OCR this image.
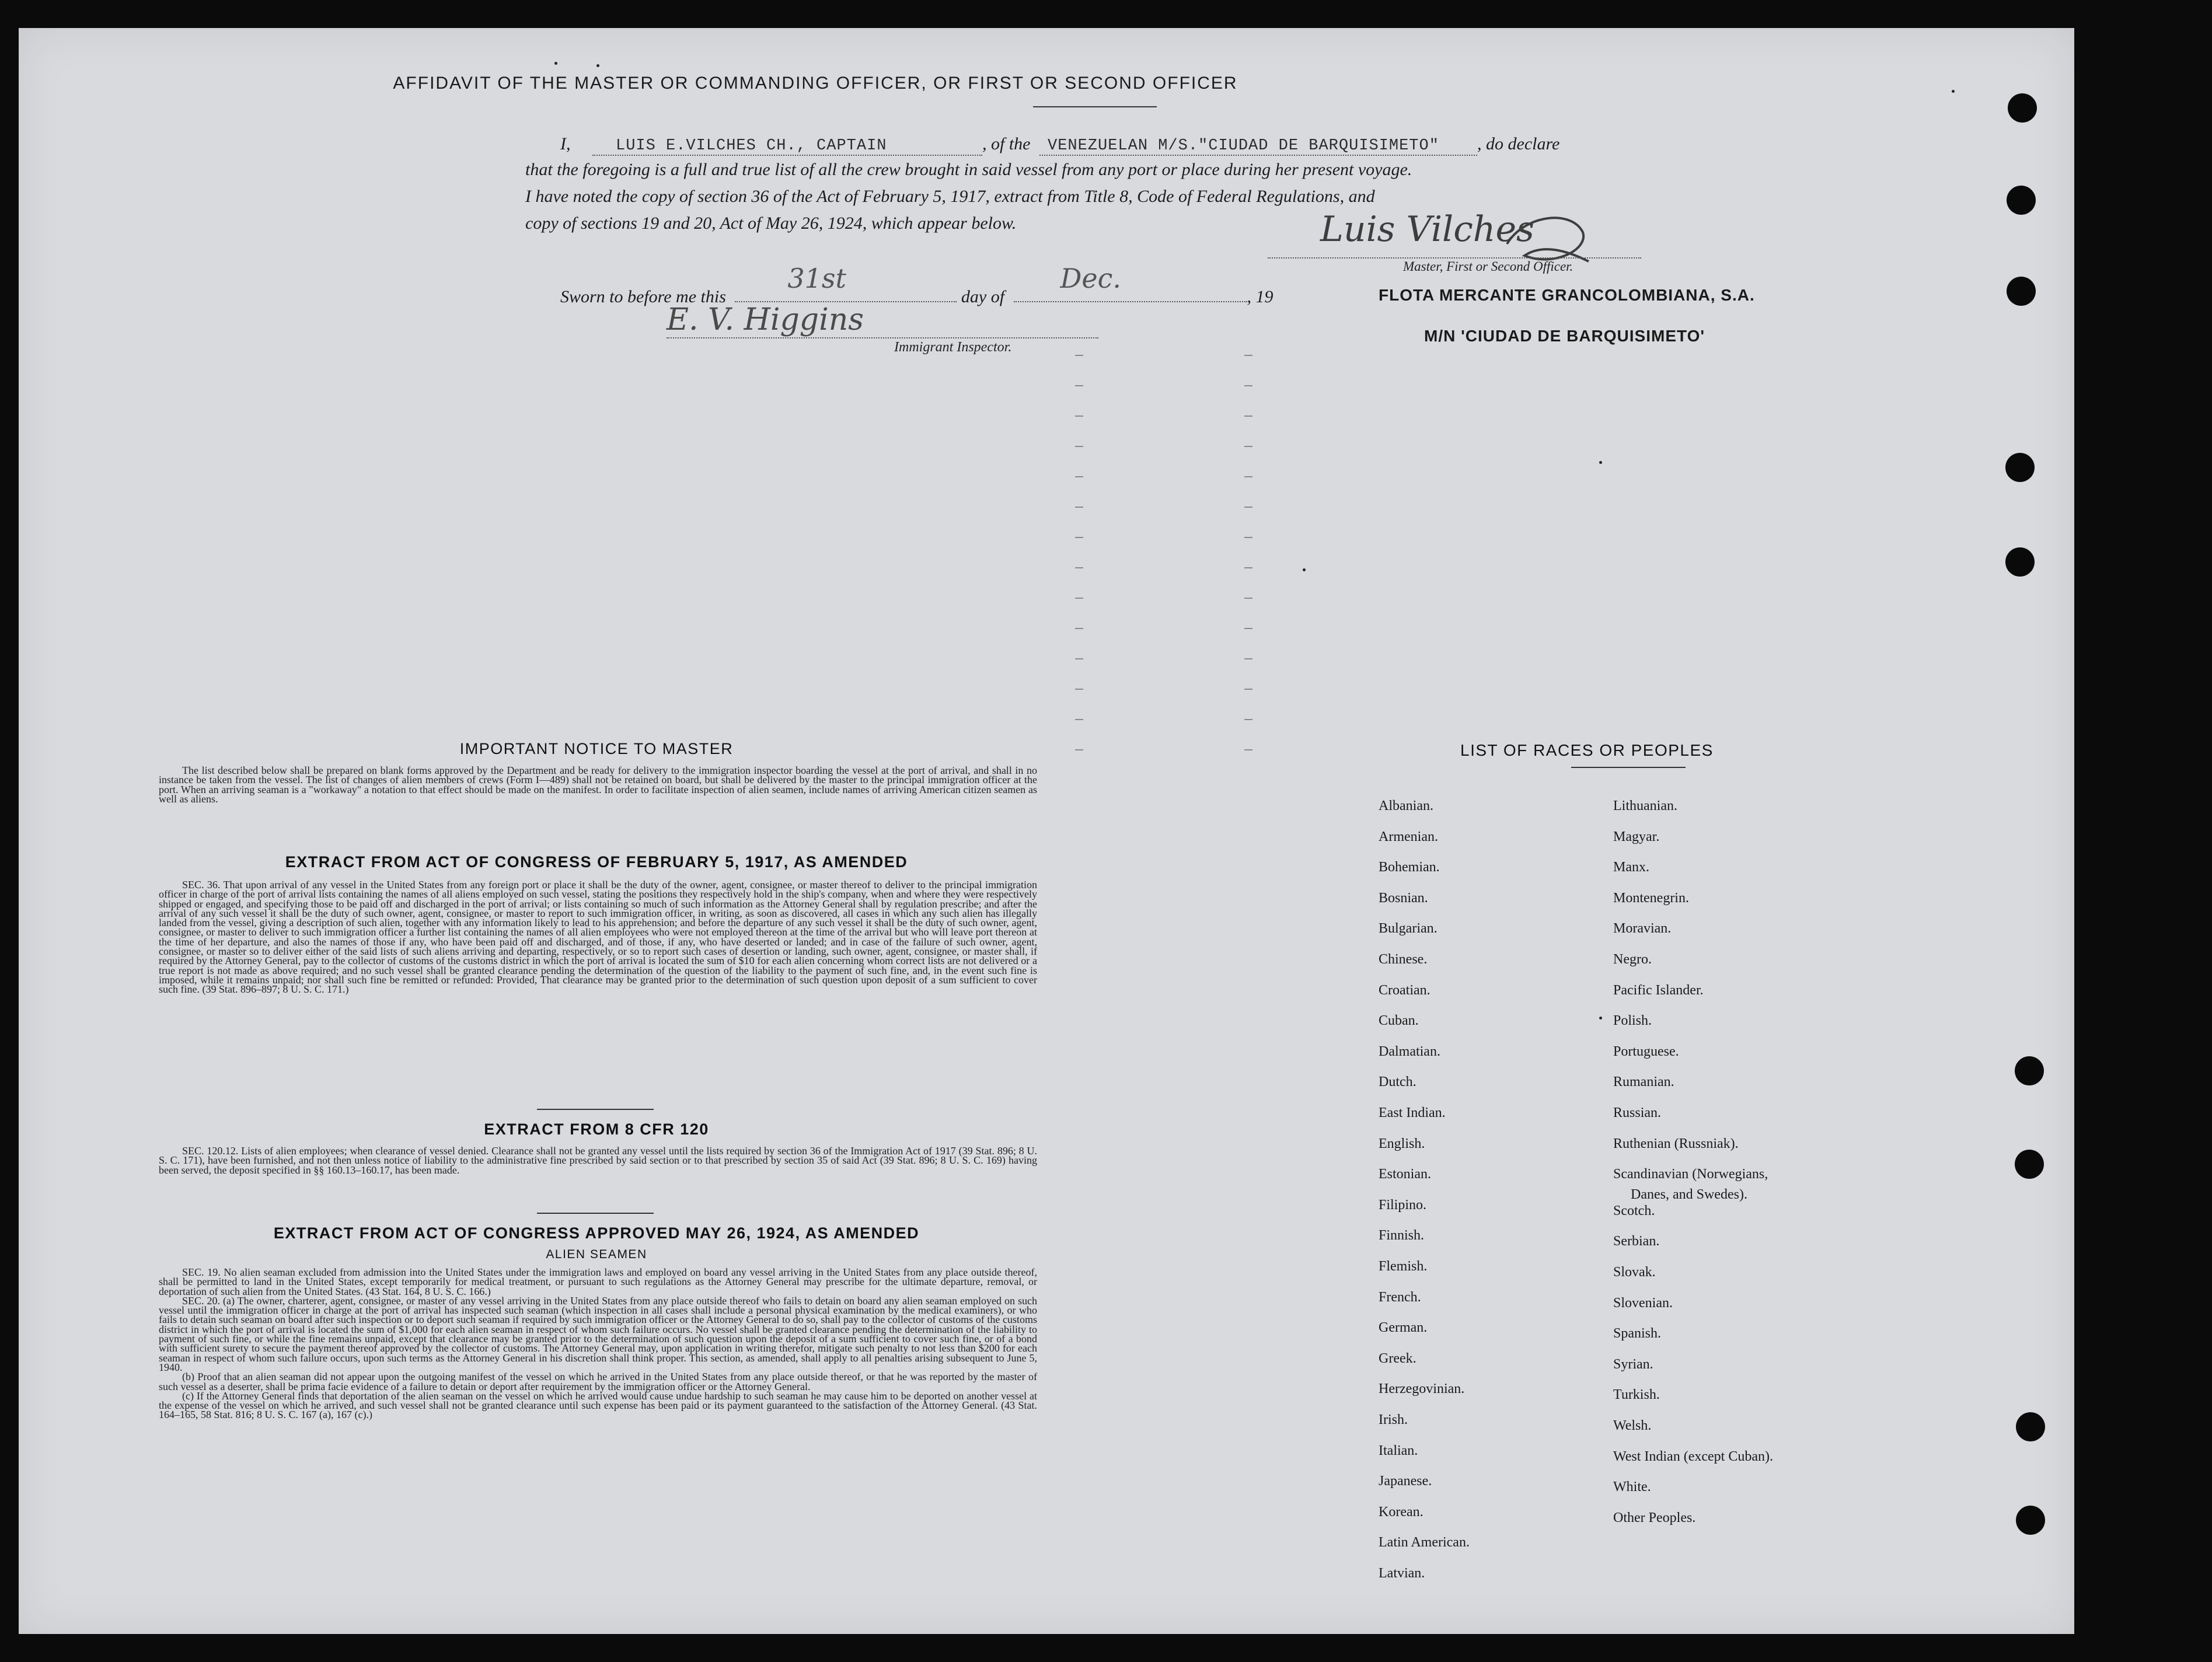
AFFIDAVIT OF THE MASTER OR COMMANDING OFFICER, OR FIRST OR SECOND OFFICER
I,	LUIS E.VILCHES CH., CAPTAIN	, of the VENEZUELAN M/S."CIUDAD DE BARQUISIMETO" , do declare
that the foregoing is a full and true list of all the crew brought in said vessel from any port or place during her present voyage.
I have noted the copy of section 36 of the Act of February 5, 1917, extract from Title 8, Code of Federal Regulations, and
copy of sections 19 and 20, Act of May 26, 1924, which appear below.	Luis Vilches
Master, First or Second Officer.
Sworn to before me this
31st
day of
Dec.
, 19	FLOTA MERCANTE GRANCOLOMBIANA, S.A.
M/N 'CIUDAD DE BARQUISIMETO'
E. V. Higgins
Immigrant Inspector.
IMPORTANT NOTICE TO MASTER

The list described below shall be prepared on blank forms approved by the Department and be ready for delivery to the immigration inspector boarding the vessel at the port of arrival, and shall in no instance be taken from the vessel. The list of changes of alien members of crews (Form I—489) shall not be retained on board, but shall be delivered by the master to the principal immigration officer at the port. When an arriving seaman is a "workaway" a notation to that effect should be made on the manifest. In order to facilitate inspection of alien seamen, include names of arriving American citizen seamen as well as aliens.

EXTRACT FROM ACT OF CONGRESS OF FEBRUARY 5, 1917, AS AMENDED

SEC. 36. That upon arrival of any vessel in the United States from any foreign port or place it shall be the duty of the owner, agent, consignee, or master thereof to deliver to the principal immigration officer in charge of the port of arrival lists containing the names of all aliens employed on such vessel, stating the positions they respectively hold in the ship's company, when and where they were respectively shipped or engaged, and specifying those to be paid off and discharged in the port of arrival; or lists containing so much of such information as the Attorney General shall by regulation prescribe; and after the arrival of any such vessel it shall be the duty of such owner, agent, consignee, or master to report to such immigration officer, in writing, as soon as discovered, all cases in which any such alien has illegally landed from the vessel, giving a description of such alien, together with any information likely to lead to his apprehension; and before the departure of any such vessel it shall be the duty of such owner, agent, consignee, or master to deliver to such immigration officer a further list containing the names of all alien employees who were not employed thereon at the time of the arrival but who will leave port thereon at the time of her departure, and also the names of those if any, who have been paid off and discharged, and of those, if any, who have deserted or landed; and in case of the failure of such owner, agent, consignee, or master so to deliver either of the said lists of such aliens arriving and departing, respectively, or so to report such cases of desertion or landing, such owner, agent, consignee, or master shall, if required by the Attorney General, pay to the collector of customs of the customs district in which the port of arrival is located the sum of $10 for each alien concerning whom correct lists are not delivered or a true report is not made as above required; and no such vessel shall be granted clearance pending the determination of the question of the liability to the payment of such fine, and, in the event such fine is imposed, while it remains unpaid; nor shall such fine be remitted or refunded: Provided, That clearance may be granted prior to the determination of such question upon deposit of a sum sufficient to cover such fine. (39 Stat. 896–897; 8 U. S. C. 171.)

EXTRACT FROM 8 CFR 120

SEC. 120.12. Lists of alien employees; when clearance of vessel denied. Clearance shall not be granted any vessel until the lists required by section 36 of the Immigration Act of 1917 (39 Stat. 896; 8 U. S. C. 171), have been furnished, and not then unless notice of liability to the administrative fine prescribed by said section or to that prescribed by section 35 of said Act (39 Stat. 896; 8 U. S. C. 169) having been served, the deposit specified in §§ 160.13–160.17, has been made.

EXTRACT FROM ACT OF CONGRESS APPROVED MAY 26, 1924, AS AMENDED
ALIEN SEAMEN

SEC. 19. No alien seaman excluded from admission into the United States under the immigration laws and employed on board any vessel arriving in the United States from any place outside thereof, shall be permitted to land in the United States, except temporarily for medical treatment, or pursuant to such regulations as the Attorney General may prescribe for the ultimate departure, removal, or deportation of such alien from the United States. (43 Stat. 164, 8 U. S. C. 166.)

SEC. 20. (a) The owner, charterer, agent, consignee, or master of any vessel arriving in the United States from any place outside thereof who fails to detain on board any alien seaman employed on such vessel until the immigration officer in charge at the port of arrival has inspected such seaman (which inspection in all cases shall include a personal physical examination by the medical examiners), or who fails to detain such seaman on board after such inspection or to deport such seaman if required by such immigration officer or the Attorney General to do so, shall pay to the collector of customs of the customs district in which the port of arrival is located the sum of $1,000 for each alien seaman in respect of whom such failure occurs. No vessel shall be granted clearance pending the determination of the liability to payment of such fine, or while the fine remains unpaid, except that clearance may be granted prior to the determination of such question upon the deposit of a sum sufficient to cover such fine, or of a bond with sufficient surety to secure the payment thereof approved by the collector of customs. The Attorney General may, upon application in writing therefor, mitigate such penalty to not less than $200 for each seaman in respect of whom such failure occurs, upon such terms as the Attorney General in his discretion shall think proper. This section, as amended, shall apply to all penalties arising subsequent to June 5, 1940.

(b) Proof that an alien seaman did not appear upon the outgoing manifest of the vessel on which he arrived in the United States from any place outside thereof, or that he was reported by the master of such vessel as a deserter, shall be prima facie evidence of a failure to detain or deport after requirement by the immigration officer or the Attorney General.

(c) If the Attorney General finds that deportation of the alien seaman on the vessel on which he arrived would cause undue hardship to such seaman he may cause him to be deported on another vessel at the expense of the vessel on which he arrived, and such vessel shall not be granted clearance until such expense has been paid or its payment guaranteed to the satisfaction of the Attorney General. (43 Stat. 164–165, 58 Stat. 816; 8 U. S. C. 167 (a), 167 (c).)

LIST OF RACES OR PEOPLES
Albanian.
Armenian.
Bohemian.
Bosnian.
Bulgarian.
Chinese.
Croatian.
Cuban.
Dalmatian.
Dutch.
East Indian.
English.
Estonian.
Filipino.
Finnish.
Flemish.
French.
German.
Greek.
Herzegovinian.
Irish.
Italian.
Japanese.
Korean.
Latin American.
Latvian.
Lithuanian.
Magyar.
Manx.
Montenegrin.
Moravian.
Negro.
Pacific Islander.
Polish.
Portuguese.
Rumanian.
Russian.
Ruthenian (Russniak).
Scandinavian (Norwegians,
Danes, and Swedes).
Scotch.
Serbian.
Slovak.
Slovenian.
Spanish.
Syrian.
Turkish.
Welsh.
West Indian (except Cuban).
White.
Other Peoples.
